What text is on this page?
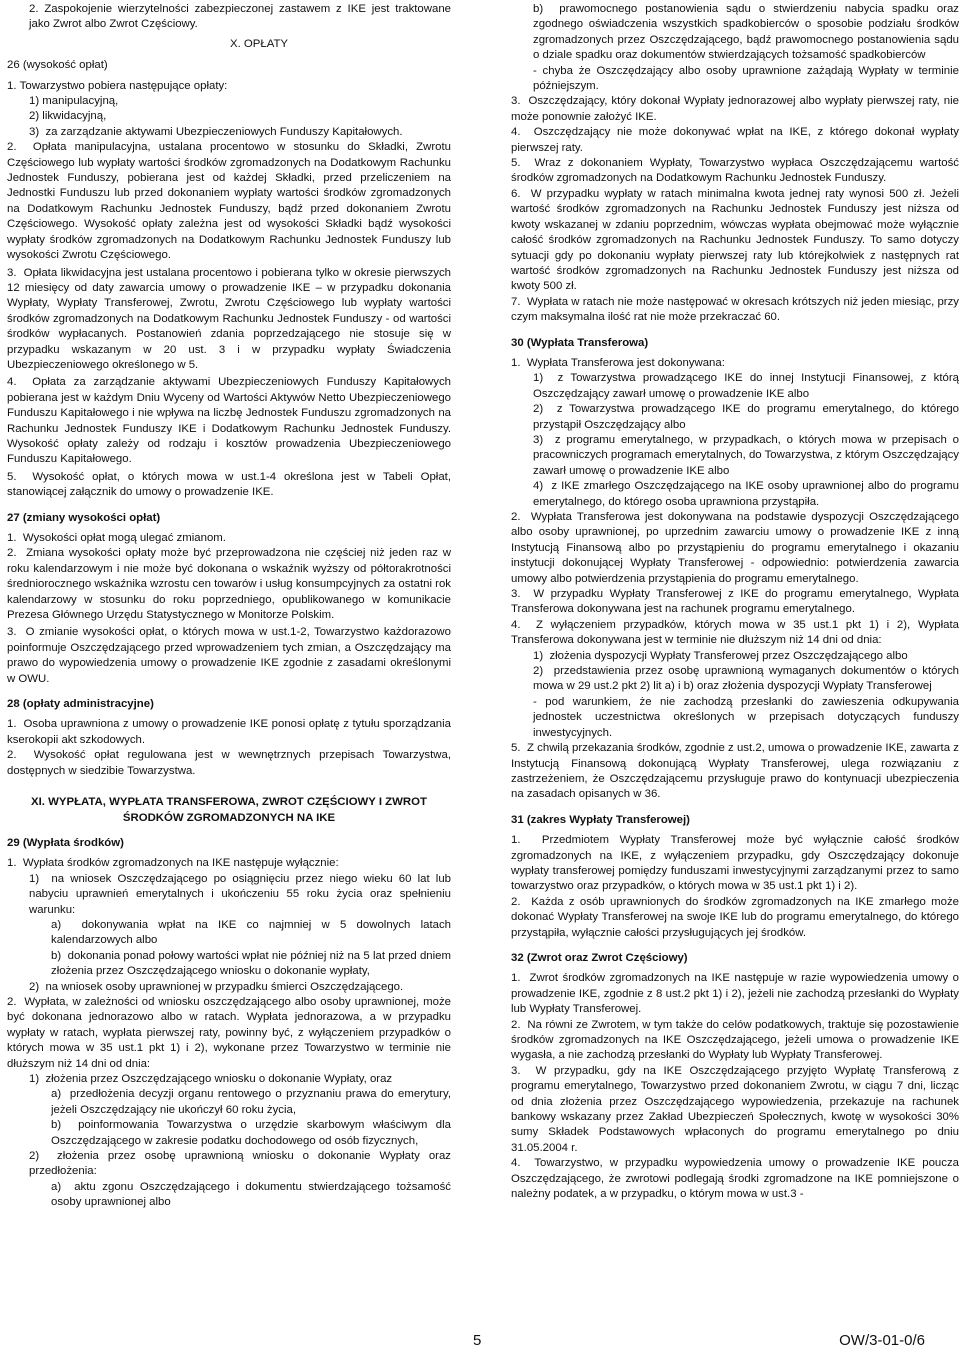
2. Zaspokojenie wierzytelności zabezpieczonej zastawem z IKE jest traktowane jako Zwrot albo Zwrot Częściowy.

X. OPŁATY
26 (wysokość opłat)

1. Towarzystwo pobiera następujące opłaty:

1) manipulacyjną,

2) likwidacyjną,

3)  za zarządzanie aktywami Ubezpieczeniowych Funduszy Kapitałowych.

2.  Opłata manipulacyjna, ustalana procentowo w stosunku do Składki, Zwrotu Częściowego lub wypłaty wartości środków zgromadzonych na Dodatkowym Rachunku Jednostek Funduszy, pobierana jest od każdej Składki, przed przeliczeniem na Jednostki Funduszu lub przed dokonaniem wypłaty wartości środków zgromadzonych na Dodatkowym Rachunku Jednostek Funduszy, bądź przed dokonaniem Zwrotu Częściowego. Wysokość opłaty zależna jest od wysokości Składki bądź wysokości wypłaty środków zgromadzonych na Dodatkowym Rachunku Jednostek Funduszy lub wysokości Zwrotu Częściowego.

3.  Opłata likwidacyjna jest ustalana procentowo i pobierana tylko w okresie pierwszych 12 miesięcy od daty zawarcia umowy o prowadzenie IKE – w przypadku dokonania Wypłaty, Wypłaty Transferowej, Zwrotu, Zwrotu Częściowego lub wypłaty wartości środków zgromadzonych na Dodatkowym Rachunku Jednostek Funduszy - od wartości środków wypłacanych. Postanowień zdania poprzedzającego nie stosuje się w przypadku wskazanym w 20 ust. 3 i w przypadku wypłaty Świadczenia Ubezpieczeniowego określonego w 5.

4.  Opłata za zarządzanie aktywami Ubezpieczeniowych Funduszy Kapitałowych pobierana jest w każdym Dniu Wyceny od Wartości Aktywów Netto Ubezpieczeniowego Funduszu Kapitałowego i nie wpływa na liczbę Jednostek Funduszu zgromadzonych na Rachunku Jednostek Funduszy IKE i Dodatkowym Rachunku Jednostek Funduszy. Wysokość opłaty zależy od rodzaju i kosztów prowadzenia Ubezpieczeniowego Funduszu Kapitałowego.

5.  Wysokość opłat, o których mowa w ust.1-4 określona jest w Tabeli Opłat, stanowiącej załącznik do umowy o prowadzenie IKE.

27 (zmiany wysokości opłat)

1.  Wysokości opłat mogą ulegać zmianom.

2.  Zmiana wysokości opłaty może być przeprowadzona nie częściej niż jeden raz w roku kalendarzowym i nie może być dokonana o wskaźnik wyższy od półtorakrotności średniorocznego wskaźnika wzrostu cen towarów i usług konsumpcyjnych za ostatni rok kalendarzowy w stosunku do roku poprzedniego, opublikowanego w komunikacie Prezesa Głównego Urzędu Statystycznego w Monitorze Polskim.

3.  O zmianie wysokości opłat, o których mowa w ust.1-2, Towarzystwo każdorazowo poinformuje Oszczędzającego przed wprowadzeniem tych zmian, a Oszczędzający ma prawo do wypowiedzenia umowy o prowadzenie IKE zgodnie z zasadami określonymi w OWU.

28 (opłaty administracyjne)

1.  Osoba uprawniona z umowy o prowadzenie IKE ponosi opłatę z tytułu sporządzania kserokopii akt szkodowych.

2.  Wysokość opłat regulowana jest w wewnętrznych przepisach Towarzystwa, dostępnych w siedzibie Towarzystwa.

XI. WYPŁATA, WYPŁATA TRANSFEROWA, ZWROT CZĘŚCIOWY I ZWROT
ŚRODKÓW ZGROMADZONYCH NA IKE
29 (Wypłata środków)

1.  Wypłata środków zgromadzonych na IKE następuje wyłącznie:

1)  na wniosek Oszczędzającego po osiągnięciu przez niego wieku 60 lat lub nabyciu uprawnień emerytalnych i ukończeniu 55 roku życia oraz spełnieniu warunku:

a)  dokonywania wpłat na IKE co najmniej w 5 dowolnych latach kalendarzowych albo

b)  dokonania ponad połowy wartości wpłat nie później niż na 5 lat przed dniem złożenia przez Oszczędzającego wniosku o dokonanie wypłaty,

2)  na wniosek osoby uprawnionej w przypadku śmierci Oszczędzającego.

2.  Wypłata, w zależności od wniosku oszczędzającego albo osoby uprawnionej, może być dokonana jednorazowo albo w ratach. Wypłata jednorazowa, a w przypadku wypłaty w ratach, wypłata pierwszej raty, powinny być, z wyłączeniem przypadków o których mowa w 35 ust.1 pkt 1) i 2), wykonane przez Towarzystwo w terminie nie dłuższym niż 14 dni od dnia:

1)  złożenia przez Oszczędzającego wniosku o dokonanie Wypłaty, oraz

a)  przedłożenia decyzji organu rentowego o przyznaniu prawa do emerytury, jeżeli Oszczędzający nie ukończył 60 roku życia,

b)  poinformowania Towarzystwa o urzędzie skarbowym właściwym dla Oszczędzającego w zakresie podatku dochodowego od osób fizycznych,

2)  złożenia przez osobę uprawnioną wniosku o dokonanie Wypłaty oraz przedłożenia:

a)  aktu zgonu Oszczędzającego i dokumentu stwierdzającego tożsamość osoby uprawnionej albo

b)  prawomocnego postanowienia sądu o stwierdzeniu nabycia spadku oraz zgodnego oświadczenia wszystkich spadkobierców o sposobie podziału środków zgromadzonych przez Oszczędzającego, bądź prawomocnego postanowienia sądu o dziale spadku oraz dokumentów stwierdzających tożsamość spadkobierców

- chyba że Oszczędzający albo osoby uprawnione zażądają Wypłaty w terminie późniejszym.

3.  Oszczędzający, który dokonał Wypłaty jednorazowej albo wypłaty pierwszej raty, nie może ponownie założyć IKE.

4.  Oszczędzający nie może dokonywać wpłat na IKE, z którego dokonał wypłaty pierwszej raty.

5.  Wraz z dokonaniem Wypłaty, Towarzystwo wypłaca Oszczędzającemu wartość środków zgromadzonych na Dodatkowym Rachunku Jednostek Funduszy.

6.  W przypadku wypłaty w ratach minimalna kwota jednej raty wynosi 500 zł. Jeżeli wartość środków zgromadzonych na Rachunku Jednostek Funduszy jest niższa od kwoty wskazanej w zdaniu poprzednim, wówczas wypłata obejmować może wyłącznie całość środków zgromadzonych na Rachunku Jednostek Funduszy. To samo dotyczy sytuacji gdy po dokonaniu wypłaty pierwszej raty lub którejkolwiek z następnych rat wartość środków zgromadzonych na Rachunku Jednostek Funduszy jest niższa od kwoty 500 zł.

7.  Wypłata w ratach nie może następować w okresach krótszych niż jeden miesiąc, przy czym maksymalna ilość rat nie może przekraczać 60.

30 (Wypłata Transferowa)

1.  Wypłata Transferowa jest dokonywana:

1)  z Towarzystwa prowadzącego IKE do innej Instytucji Finansowej, z którą Oszczędzający zawarł umowę o prowadzenie IKE albo

2)  z Towarzystwa prowadzącego IKE do programu emerytalnego, do którego przystąpił Oszczędzający albo

3)  z programu emerytalnego, w przypadkach, o których mowa w przepisach o pracowniczych programach emerytalnych, do Towarzystwa, z którym Oszczędzający zawarł umowę o prowadzenie IKE albo

4)  z IKE zmarłego Oszczędzającego na IKE osoby uprawnionej albo do programu emerytalnego, do którego osoba uprawniona przystąpiła.

2.  Wypłata Transferowa jest dokonywana na podstawie dyspozycji Oszczędzającego albo osoby uprawnionej, po uprzednim zawarciu umowy o prowadzenie IKE z inną Instytucją Finansową albo po przystąpieniu do programu emerytalnego i okazaniu instytucji dokonującej Wypłaty Transferowej - odpowiednio: potwierdzenia zawarcia umowy albo potwierdzenia przystąpienia do programu emerytalnego.

3.  W przypadku Wypłaty Transferowej z IKE do programu emerytalnego, Wypłata Transferowa dokonywana jest na rachunek programu emerytalnego.

4.  Z wyłączeniem przypadków, których mowa w 35 ust.1 pkt 1) i 2), Wypłata Transferowa dokonywana jest w terminie nie dłuższym niż 14 dni od dnia:

1)  złożenia dyspozycji Wypłaty Transferowej przez Oszczędzającego albo

2)  przedstawienia przez osobę uprawnioną wymaganych dokumentów o których mowa w 29 ust.2 pkt 2) lit a) i b) oraz złożenia dyspozycji Wypłaty Transferowej

- pod warunkiem, że nie zachodzą przesłanki do zawieszenia odkupywania jednostek uczestnictwa określonych w przepisach dotyczących funduszy inwestycyjnych.

5.  Z chwilą przekazania środków, zgodnie z ust.2, umowa o prowadzenie IKE, zawarta z Instytucją Finansową dokonującą Wypłaty Transferowej, ulega rozwiązaniu z zastrzeżeniem, że Oszczędzającemu przysługuje prawo do kontynuacji ubezpieczenia na zasadach opisanych w 36.

31 (zakres Wypłaty Transferowej)

1.  Przedmiotem Wypłaty Transferowej może być wyłącznie całość środków zgromadzonych na IKE, z wyłączeniem przypadku, gdy Oszczędzający dokonuje wypłaty transferowej pomiędzy funduszami inwestycyjnymi zarządzanymi przez to samo towarzystwo oraz przypadków, o których mowa w 35 ust.1 pkt 1) i 2).

2.  Każda z osób uprawnionych do środków zgromadzonych na IKE zmarłego może dokonać Wypłaty Transferowej na swoje IKE lub do programu emerytalnego, do którego przystąpiła, wyłącznie całości przysługujących jej środków.

32 (Zwrot oraz Zwrot Częściowy)

1.  Zwrot środków zgromadzonych na IKE następuje w razie wypowiedzenia umowy o prowadzenie IKE, zgodnie z 8 ust.2 pkt 1) i 2), jeżeli nie zachodzą przesłanki do Wypłaty lub Wypłaty Transferowej.

2.  Na równi ze Zwrotem, w tym także do celów podatkowych, traktuje się pozostawienie środków zgromadzonych na IKE Oszczędzającego, jeżeli umowa o prowadzenie IKE wygasła, a nie zachodzą przesłanki do Wypłaty lub Wypłaty Transferowej.

3.  W przypadku, gdy na IKE Oszczędzającego przyjęto Wypłatę Transferową z programu emerytalnego, Towarzystwo przed dokonaniem Zwrotu, w ciągu 7 dni, licząc od dnia złożenia przez Oszczędzającego wypowiedzenia, przekazuje na rachunek bankowy wskazany przez Zakład Ubezpieczeń Społecznych, kwotę w wysokości 30% sumy Składek Podstawowych wpłaconych do programu emerytalnego po dniu 31.05.2004 r.

4.  Towarzystwo, w przypadku wypowiedzenia umowy o prowadzenie IKE poucza Oszczędzającego, że zwrotowi podlegają środki zgromadzone na IKE pomniejszone o należny podatek, a w przypadku, o którym mowa w ust.3 -

5	OW/3-01-0/6
